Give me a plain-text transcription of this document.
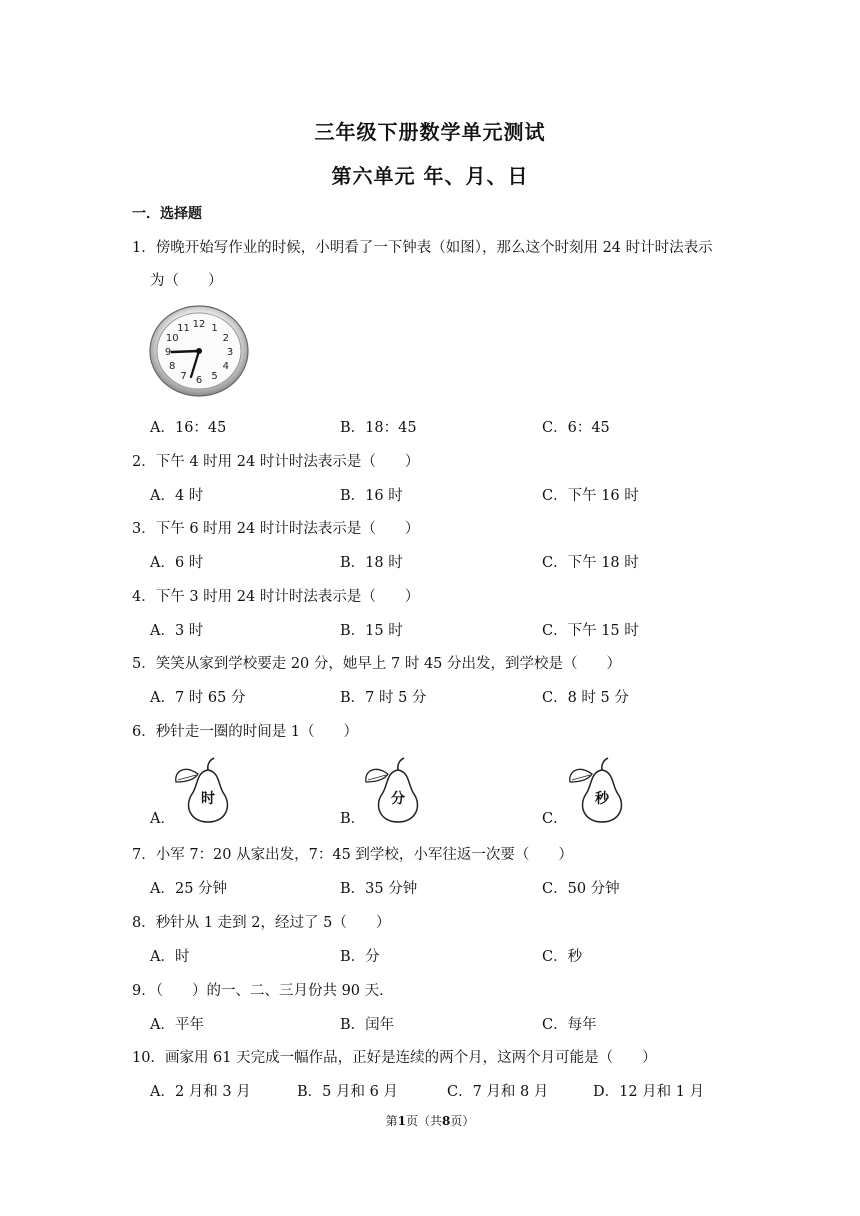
三年级下册数学单元测试
第六单元 年、月、日
一．选择题
1．傍晚开始写作业的时候，小明看了一下钟表（如图），那么这个时刻用 24 时计时法表示
为（　　）
12 1
2
3
4
5
6
7
8
9
10
11
A．16：45	B．18：45	C．6：45
2．下午 4 时用 24 时计时法表示是（　　）
A．4 时	B．16 时	C．下午 16 时
3．下午 6 时用 24 时计时法表示是（　　）
A．6 时	B．18 时	C．下午 18 时
4．下午 3 时用 24 时计时法表示是（　　）
A．3 时	B．15 时	C．下午 15 时
5．笑笑从家到学校要走 20 分，她早上 7 时 45 分出发，到学校是（　　）
A．7 时 65 分	B．7 时 5 分	C．8 时 5 分
6．秒针走一圈的时间是 1（　　）
A．	B．	C．
时	分	秒
7．小军 7：20 从家出发，7：45 到学校，小军往返一次要（　　）
A．25 分钟	B．35 分钟	C．50 分钟
8．秒针从 1 走到 2，经过了 5（　　）
A．时	B．分	C．秒
9．（　　）的一、二、三月份共 90 天．
A．平年	B．闰年	C．每年
10．画家用 61 天完成一幅作品，正好是连续的两个月，这两个月可能是（　　）
A．2 月和 3 月	B．5 月和 6 月	C．7 月和 8 月	D．12 月和 1 月
第1页（共8页）
